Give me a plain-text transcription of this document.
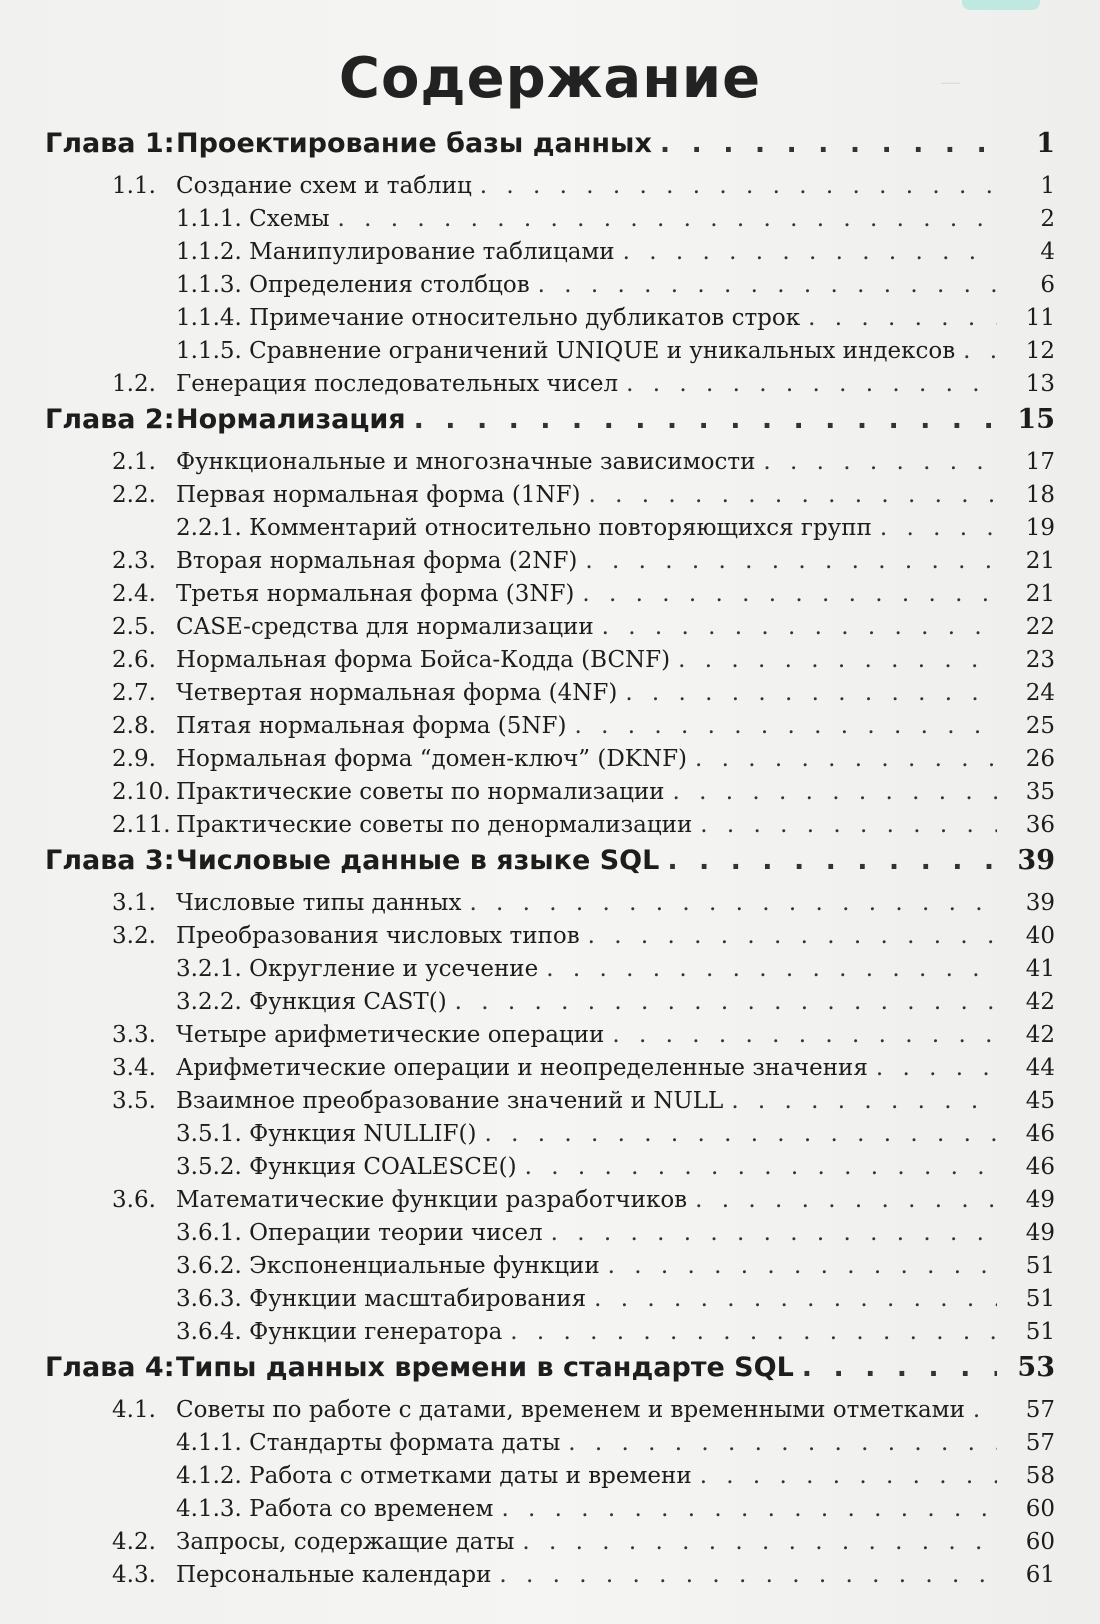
—
Содержание
Глава 1: Проектирование базы данных . . .	1
1.1. Создание схем и таблиц . . .	1
1.1.1. Схемы . . .	2
1.1.2. Манипулирование таблицами . . .	4
1.1.3. Определения столбцов . . .	6
1.1.4. Примечание относительно дубликатов строк . . .	11
1.1.5. Сравнение ограничений UNIQUE и уникальных индексов . . .	12
1.2. Генерация последовательных чисел . . .	13
Глава 2: Нормализация . . .	15
2.1. Функциональные и многозначные зависимости . . .	17
2.2. Первая нормальная форма (1NF) . . .	18
2.2.1. Комментарий относительно повторяющихся групп . . .	19
2.3. Вторая нормальная форма (2NF) . . .	21
2.4. Третья нормальная форма (3NF) . . .	21
2.5. CASE-средства для нормализации . . .	22
2.6. Нормальная форма Бойса-Кодда (BCNF) . . .	23
2.7. Четвертая нормальная форма (4NF) . . .	24
2.8. Пятая нормальная форма (5NF) . . .	25
2.9. Нормальная форма “домен-ключ” (DKNF) . . .	26
2.10. Практические советы по нормализации . . .	35
2.11. Практические советы по денормализации . . .	36
Глава 3: Числовые данные в языке SQL . . .	39
3.1. Числовые типы данных . . .	39
3.2. Преобразования числовых типов . . .	40
3.2.1. Округление и усечение . . .	41
3.2.2. Функция CAST() . . .	42
3.3. Четыре арифметические операции . . .	42
3.4. Арифметические операции и неопределенные значения . . .	44
3.5. Взаимное преобразование значений и NULL . . .	45
3.5.1. Функция NULLIF() . . .	46
3.5.2. Функция COALESCE() . . .	46
3.6. Математические функции разработчиков . . .	49
3.6.1. Операции теории чисел . . .	49
3.6.2. Экспоненциальные функции . . .	51
3.6.3. Функции масштабирования . . .	51
3.6.4. Функции генератора . . .	51
Глава 4: Типы данных времени в стандарте SQL . . .	53
4.1. Советы по работе с датами, временем и временными отметками . . .	57
4.1.1. Стандарты формата даты . . .	57
4.1.2. Работа с отметками даты и времени . . .	58
4.1.3. Работа со временем . . .	60
4.2. Запросы, содержащие даты . . .	60
4.3. Персональные календари . . .	61
